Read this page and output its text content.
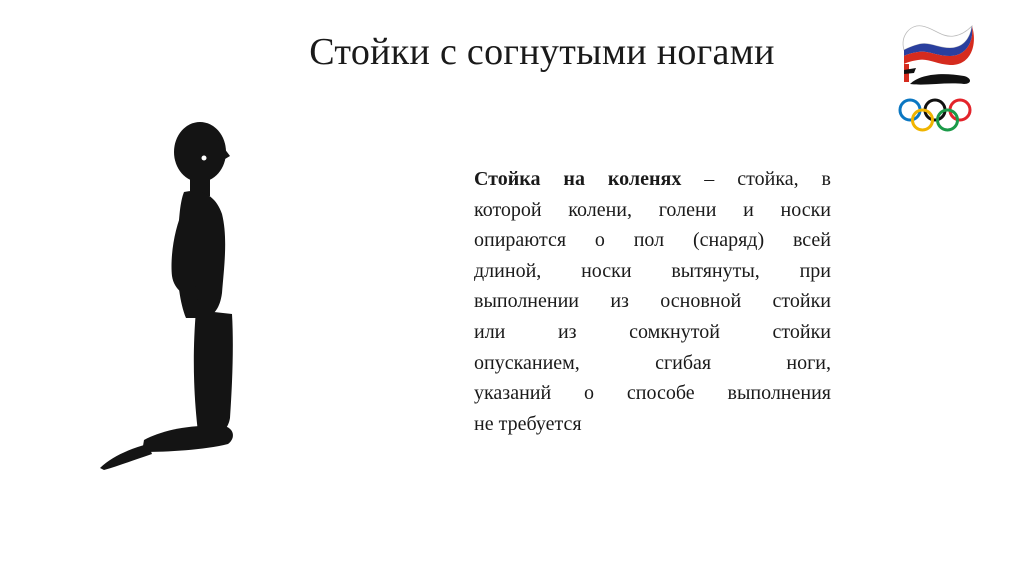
Стойки с согнутыми ногами
Стойка на коленях – стойка, в
которой колени, голени и носки
опираются о пол (снаряд) всей
длиной, носки вытянуты, при
выполнении из основной стойки
или из сомкнутой стойки
опусканием, сгибая ноги,
указаний о способе выполнения
не требуется
